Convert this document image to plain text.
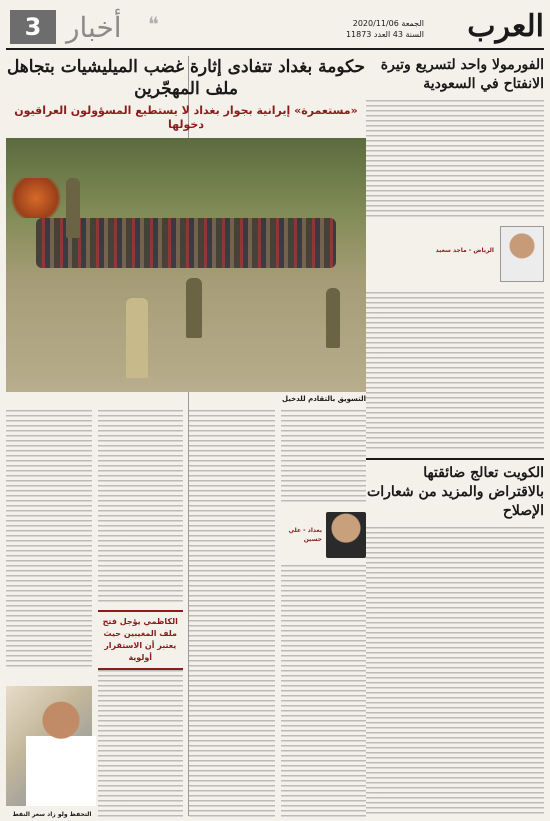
العرب
الجمعة 2020/11/06
السنة 43 العدد 11873
❝
أخبار
3
الفورمولا واحد لتسريع وتيرة الانفتاح في السعودية
الرياض - ماجد سعيد
الكويت تعالج ضائقتها بالاقتراض والمزيد من شعارات الإصلاح
حكومة بغداد تتفادى إثارة غضب الميليشيات بتجاهل ملف المهجّرين
«مستعمرة» إيرانية بجوار بغداد لا يستطيع المسؤولون العراقيون دخولها
التسويق بالتقادم للدخيل
بغداد - علي حسين
الكاظمي يؤجل فتح ملف المغيبين حيث يعتبر أن الاستقرار أولوية
التحفظ ولو زاد سعر النفط
